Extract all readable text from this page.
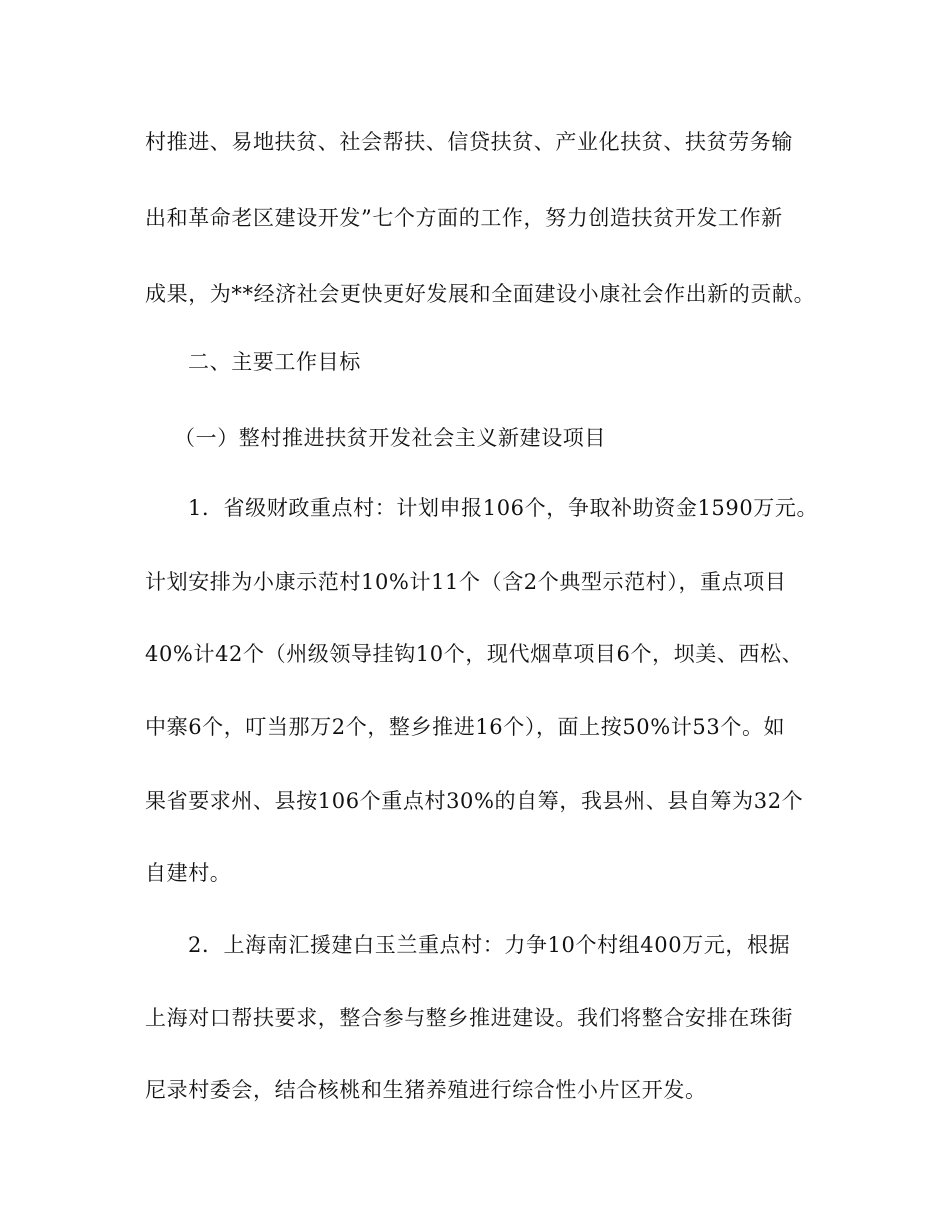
村推进、易地扶贫、社会帮扶、信贷扶贫、产业化扶贫、扶贫劳务输
出和革命老区建设开发”七个方面的工作，努力创造扶贫开发工作新
成果，为**经济社会更快更好发展和全面建设小康社会作出新的贡献。
二、主要工作目标
（一）整村推进扶贫开发社会主义新建设项目
1．省级财政重点村：计划申报106个，争取补助资金1590万元。
计划安排为小康示范村10%计11个（含2个典型示范村），重点项目
40%计42个（州级领导挂钩10个，现代烟草项目6个，坝美、西松、
中寨6个，叮当那万2个，整乡推进16个），面上按50%计53个。如
果省要求州、县按106个重点村30%的自筹，我县州、县自筹为32个
自建村。
2．上海南汇援建白玉兰重点村：力争10个村组400万元，根据
上海对口帮扶要求，整合参与整乡推进建设。我们将整合安排在珠街
尼录村委会，结合核桃和生猪养殖进行综合性小片区开发。
